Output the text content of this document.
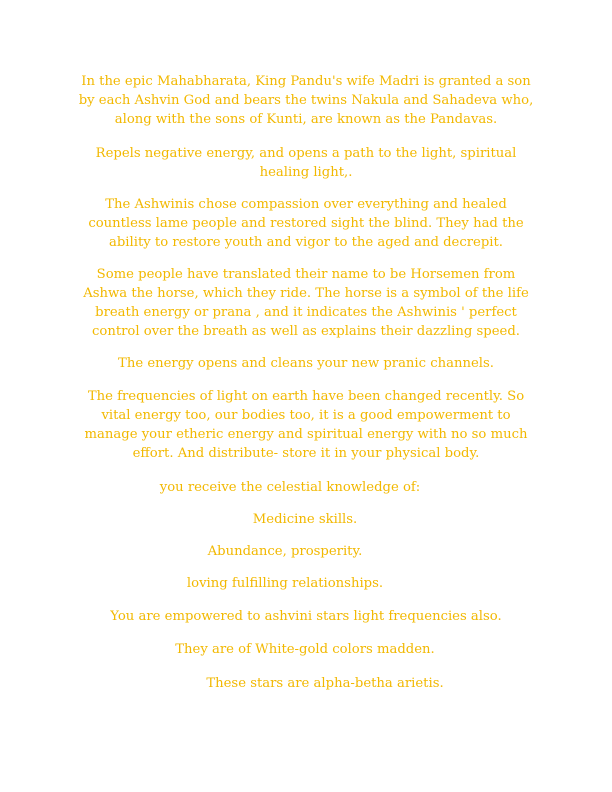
In the epic Mahabharata, King Pandu's wife Madri is granted a son
by each Ashvin God and bears the twins Nakula and Sahadeva who,
along with the sons of Kunti, are known as the Pandavas.

Repels negative energy, and opens a path to the light, spiritual
healing light,.

The Ashwinis chose compassion over everything and healed
countless lame people and restored sight the blind. They had the
ability to restore youth and vigor to the aged and decrepit.

Some people have translated their name to be Horsemen from
Ashwa the horse, which they ride. The horse is a symbol of the life
breath energy or prana , and it indicates the Ashwinis ' perfect
control over the breath as well as explains their dazzling speed.

The energy opens and cleans your new pranic channels.

The frequencies of light on earth have been changed recently. So
vital energy too, our bodies too, it is a good empowerment to
manage your etheric energy and spiritual energy with no so much
effort. And distribute- store it in your physical body.

you receive the celestial knowledge of:

Medicine skills.

Abundance, prosperity.

loving fulfilling relationships.

You are empowered to ashvini stars light frequencies also.

They are of White-gold colors madden.

These stars are alpha-betha arietis.
